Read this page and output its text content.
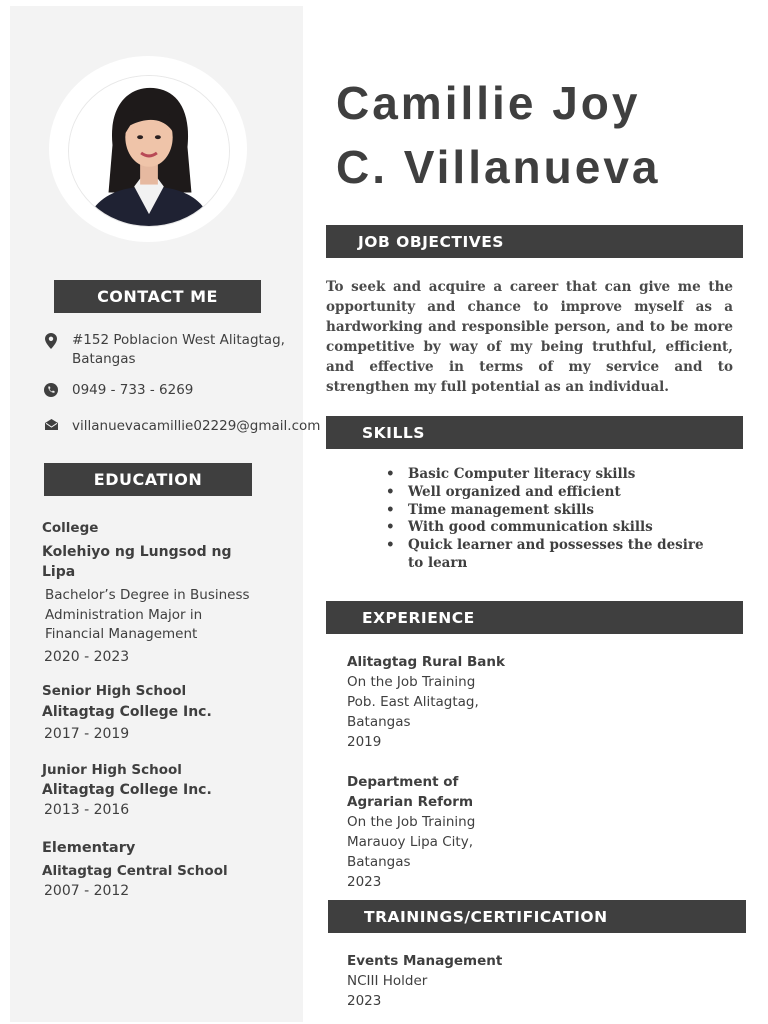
Camillie Joy
C. Villanueva
CONTACT ME
#152 Poblacion West Alitagtag,
Batangas
0949 - 733 - 6269
villanuevacamillie02229@gmail.com
EDUCATION
College
Kolehiyo ng Lungsod ng
Lipa
Bachelor’s Degree in Business
Administration Major in
Financial Management
2020 - 2023
Senior High School
Alitagtag College Inc.
2017 - 2019
Junior High School
Alitagtag College Inc.
2013 - 2016
Elementary
Alitagtag Central School
2007 - 2012
JOB OBJECTIVES
To seek and acquire a career that can give me the opportunity and chance to improve myself as a hardworking and responsible person, and to be more competitive by way of my being truthful, efficient, and effective in terms of my service and to strengthen my full potential as an individual.
SKILLS
• Basic Computer literacy skills
• Well organized and efficient
• Time management skills
• With good communication skills
• Quick learner and possesses the desire to learn
EXPERIENCE
Alitagtag Rural Bank
On the Job Training
Pob. East Alitagtag,
Batangas
2019
Department of
Agrarian Reform
On the Job Training
Marauoy Lipa City,
Batangas
2023
TRAININGS/CERTIFICATION
Events Management
NCIII Holder
2023
